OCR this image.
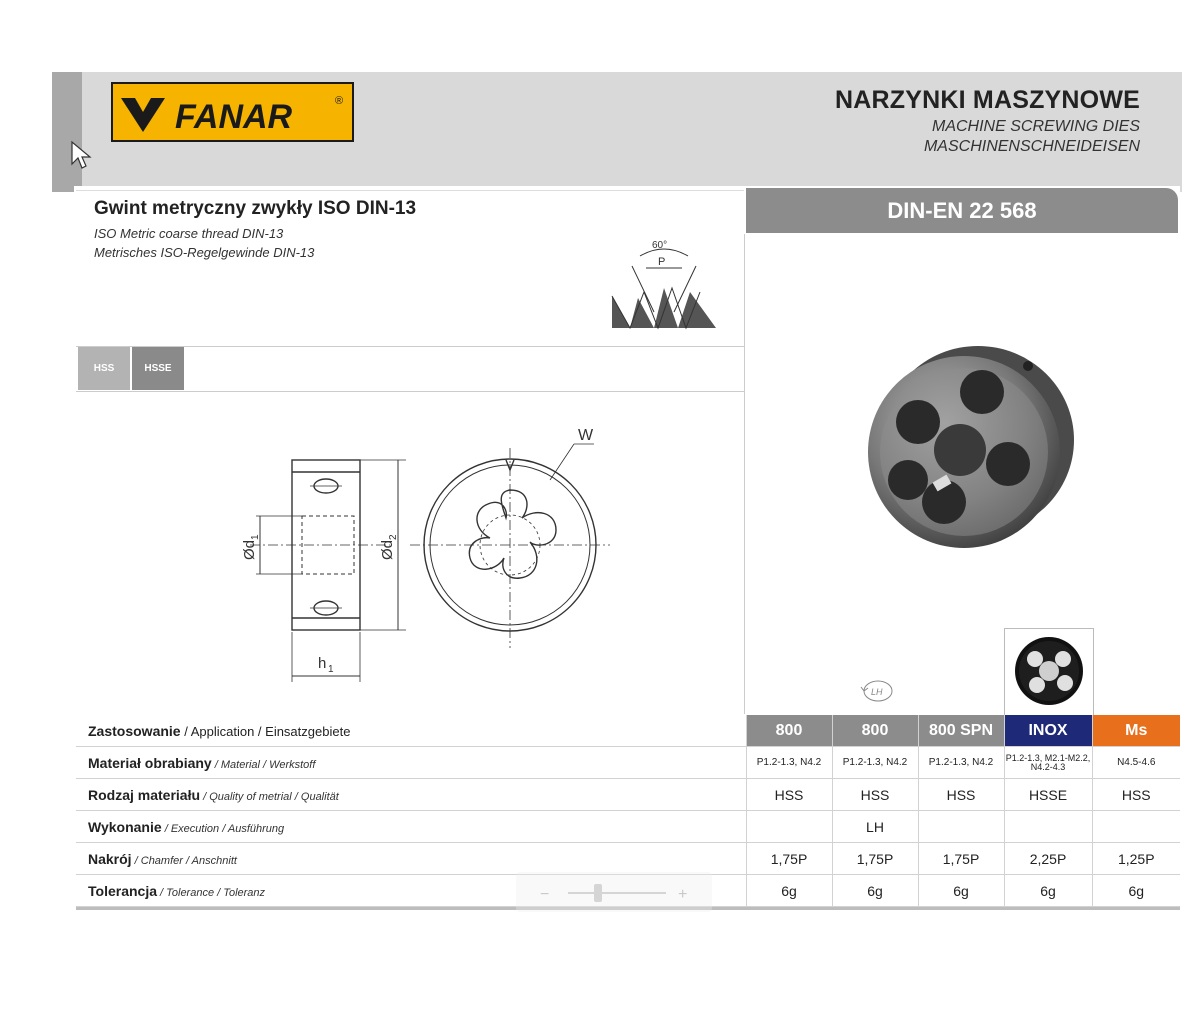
FANAR	®	NARZYNKI MASZYNOWE
MACHINE SCREWING DIES
MASCHINENSCHNEIDEISEN
Gwint metryczny zwykły ISO DIN-13
ISO Metric coarse thread DIN-13
Metrisches ISO-Regelgewinde DIN-13	60°
P
DIN-EN 22 568
HSS	HSSE
W
Ød
1
Ød
2
h 1
LH
Zastosowanie / Application / Einsatzgebiete	800	800	800 SPN	INOX	Ms
Materiał obrabiany / Material / Werkstoff	P1.2-1.3, N4.2	P1.2-1.3, N4.2	P1.2-1.3, N4.2	P1.2-1.3, M2.1-M2.2, N4.2-4.3	N4.5-4.6
Rodzaj materiału / Quality of metrial / Qualität	HSS	HSS	HSS	HSSE	HSS
Wykonanie / Execution / Ausführung		LH			
Nakrój / Chamfer / Anschnitt	1,75P	1,75P	1,75P	2,25P	1,25P
Tolerancja / Tolerance / Toleranz	6g	6g	6g	6g	6g
−	+
